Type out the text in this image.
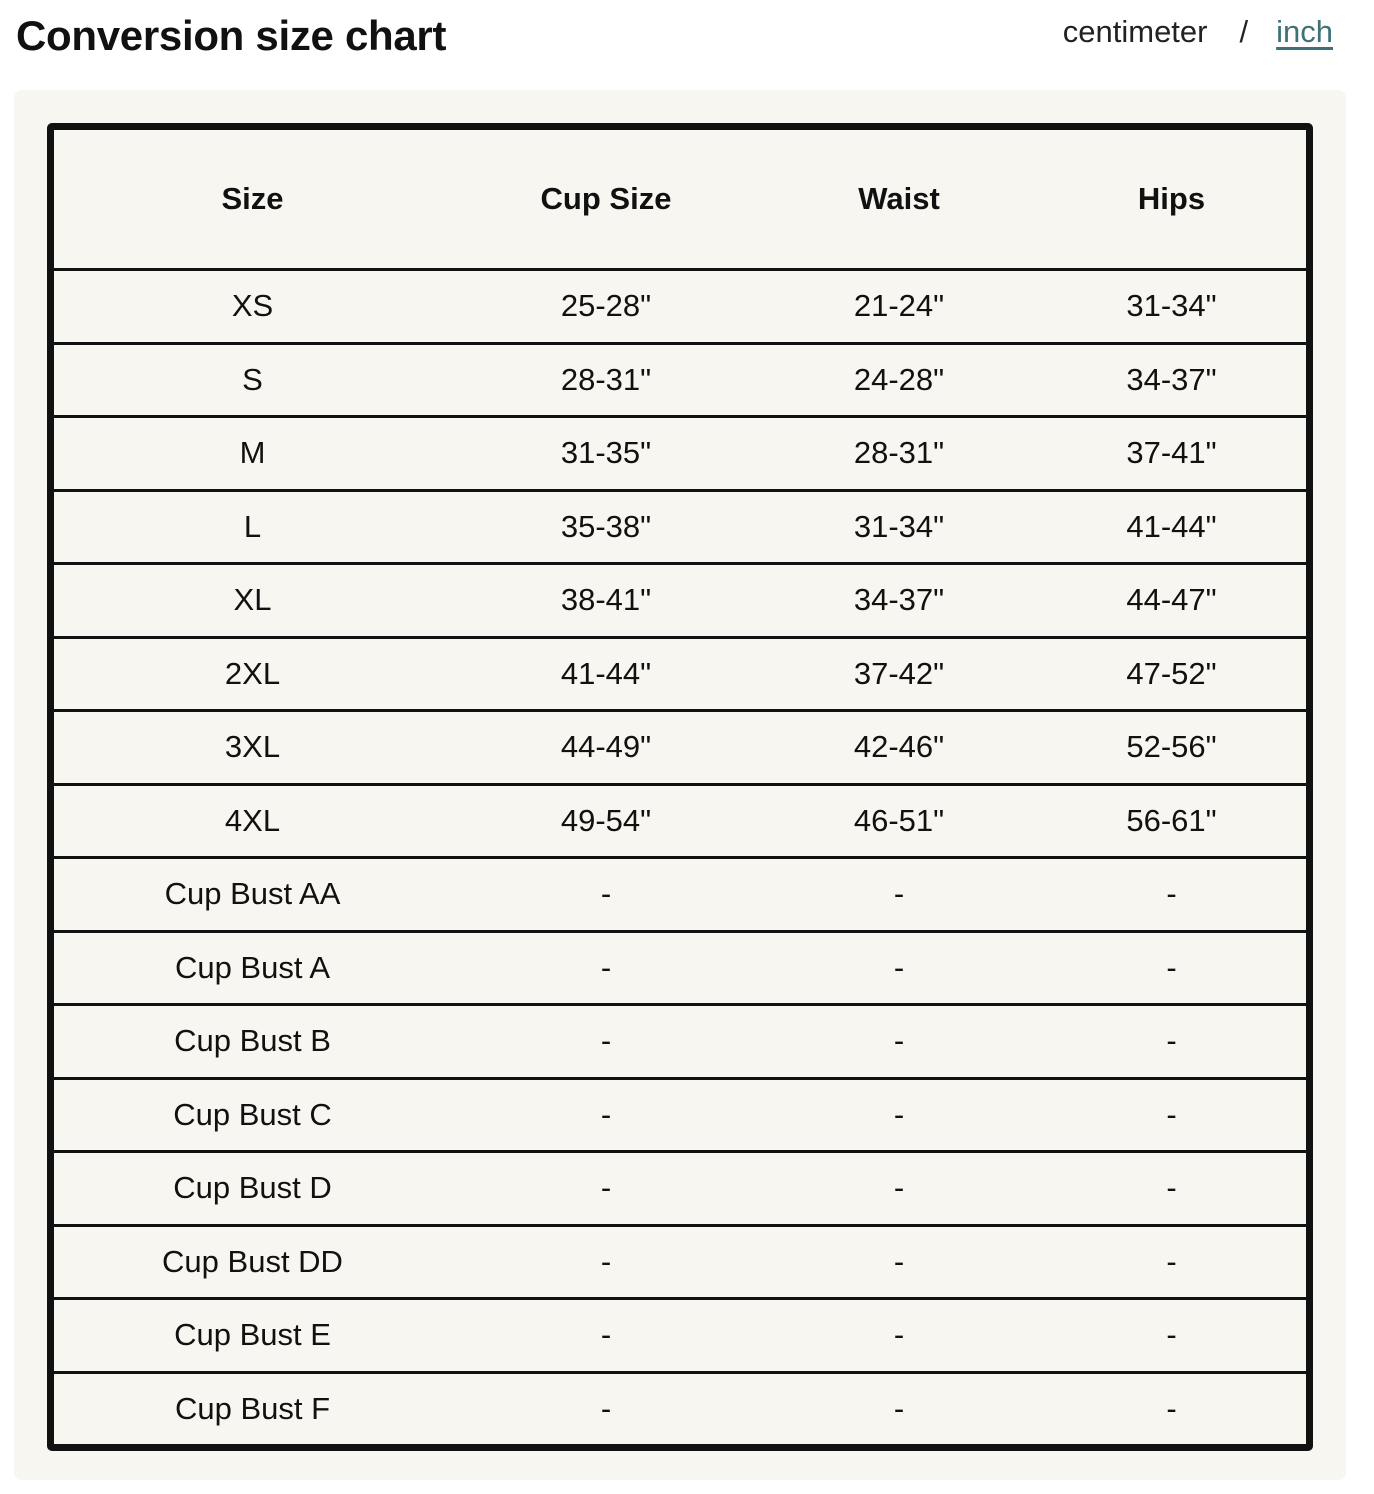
Conversion size chart	centimeter / inch
Size	Cup Size	Waist	Hips
XS	25-28"	21-24"	31-34"
S	28-31"	24-28"	34-37"
M	31-35"	28-31"	37-41"
L	35-38"	31-34"	41-44"
XL	38-41"	34-37"	44-47"
2XL	41-44"	37-42"	47-52"
3XL	44-49"	42-46"	52-56"
4XL	49-54"	46-51"	56-61"
Cup Bust AA	-	-	-
Cup Bust A	-	-	-
Cup Bust B	-	-	-
Cup Bust C	-	-	-
Cup Bust D	-	-	-
Cup Bust DD	-	-	-
Cup Bust E	-	-	-
Cup Bust F	-	-	-
